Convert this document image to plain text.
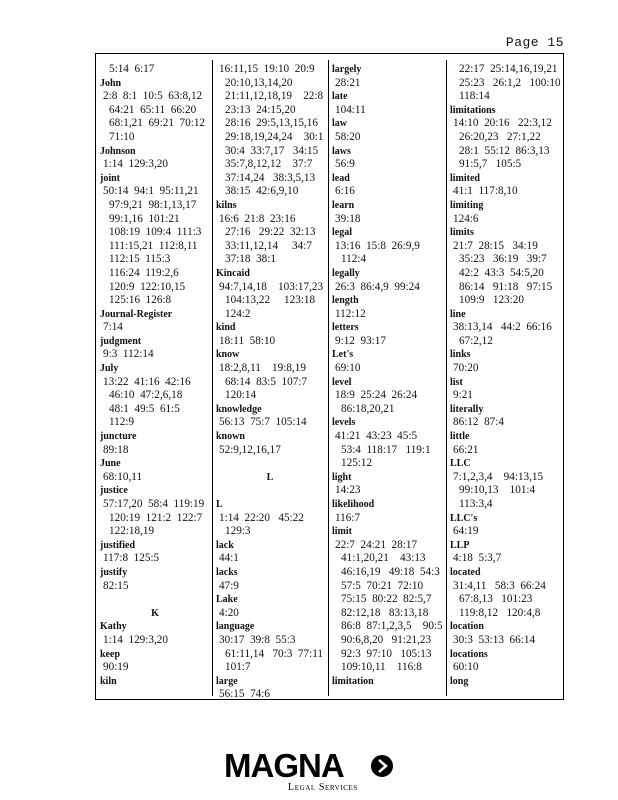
Page 15
5:14  6:17
John
2:8  8:1  10:5  63:8,12
64:21  65:11  66:20
68:1,21  69:21  70:12
71:10
Johnson
1:14  129:3,20
joint
50:14  94:1  95:11,21
97:9,21  98:1,13,17
99:1,16  101:21
108:19  109:4  111:3
111:15,21  112:8,11
112:15  115:3
116:24  119:2,6
120:9  122:10,15
125:16  126:8
Journal-Register
7:14
judgment
9:3  112:14
July
13:22  41:16  42:16
46:10  47:2,6,18
48:1  49:5  61:5
112:9
juncture
89:18
June
68:10,11
justice
57:17,20  58:4  119:19
120:19  121:2  122:7
122:18,19
justified
117:8  125:5
justify
82:15
K
Kathy
1:14  129:3,20
keep
90:19
kiln
16:11,15  19:10  20:9
20:10,13,14,20
21:11,12,18,19    22:8
23:13  24:15,20
28:16  29:5,13,15,16
29:18,19,24,24    30:1
30:4  33:7,17   34:15
35:7,8,12,12    37:7
37:14,24   38:3,5,13
38:15  42:6,9,10
kilns
16:6  21:8  23:16
27:16   29:22  32:13
33:11,12,14     34:7
37:18  38:1
Kincaid
94:7,14,18    103:17,23
104:13,22     123:18
124:2
kind
18:11  58:10
know
18:2,8,11    19:8,19
68:14  83:5  107:7
120:14
knowledge
56:13  75:7  105:14
known
52:9,12,16,17
L
L
1:14  22:20   45:22
129:3
lack
44:1
lacks
47:9
Lake
4:20
language
30:17  39:8  55:3
61:11,14   70:3  77:11
101:7
large
56:15  74:6
largely
28:21
late
104:11
law
58:20
laws
56:9
lead
6:16
learn
39:18
legal
13:16  15:8  26:9,9
112:4
legally
26:3  86:4,9  99:24
length
112:12
letters
9:12  93:17
Let's
69:10
level
18:9  25:24  26:24
86:18,20,21
levels
41:21  43:23  45:5
53:4  118:17   119:1
125:12
light
14:23
likelihood
116:7
limit
22:7  24:21  28:17
41:1,20,21    43:13
46:16,19   49:18  54:3
57:5  70:21  72:10
75:15  80:22  82:5,7
82:12,18   83:13,18
86:8  87:1,2,3,5    90:5
90:6,8,20   91:21,23
92:3  97:10   105:13
109:10,11    116:8
limitation
22:17  25:14,16,19,21
25:23   26:1,2   100:10
118:14
limitations
14:10  20:16   22:3,12
26:20,23   27:1,22
28:1  55:12  86:3,13
91:5,7   105:5
limited
41:1  117:8,10
limiting
124:6
limits
21:7  28:15   34:19
35:23   36:19   39:7
42:2  43:3  54:5,20
86:14   91:18   97:15
109:9   123:20
line
38:13,14   44:2  66:16
67:2,12
links
70:20
list
9:21
literally
86:12  87:4
little
66:21
LLC
7:1,2,3,4    94:13,15
99:10,13    101:4
113:3,4
LLC's
64:19
LLP
4:18  5:3,7
located
31:4,11   58:3  66:24
67:8,13   101:23
119:8,12   120:4,8
location
30:3  53:13  66:14
locations
60:10
long
MAGNA
Legal Services
